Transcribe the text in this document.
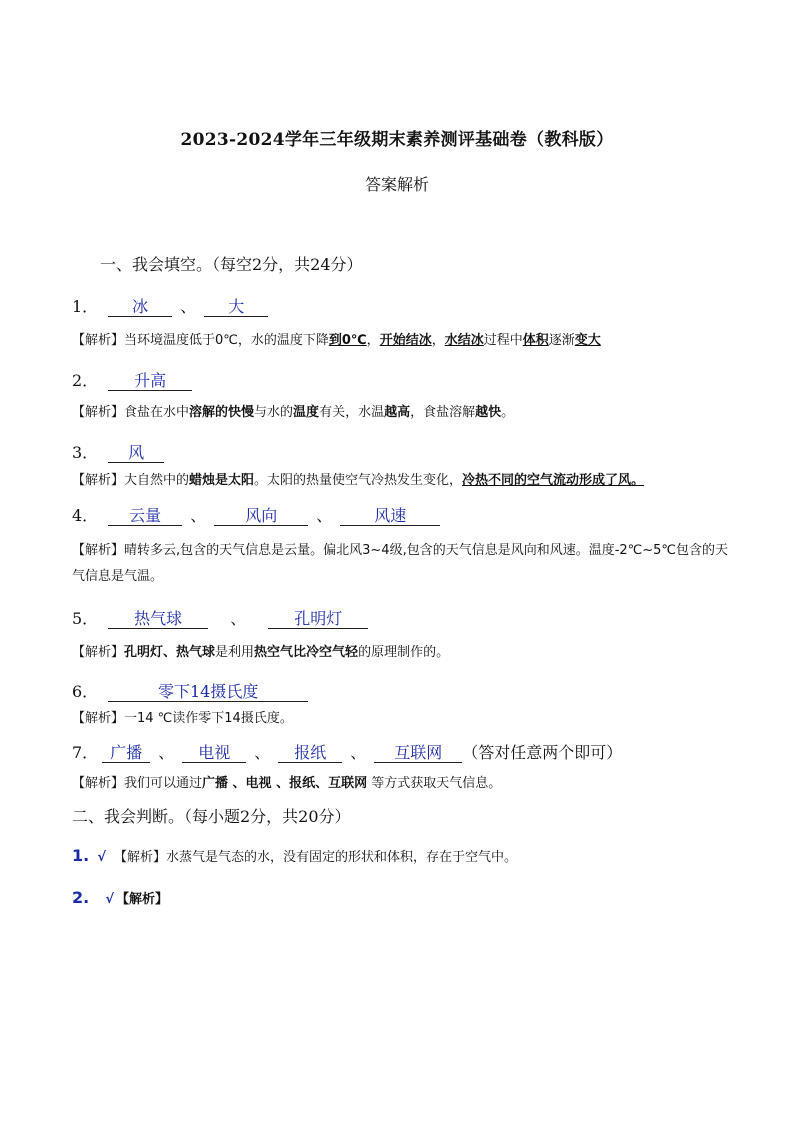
2023-2024学年三年级期末素养测评基础卷（教科版）
答案解析
一、我会填空。（每空2分，共24分）
1． 冰 、 大
【解析】当环境温度低于0℃，水的温度下降到0℃，开始结冰，水结冰过程中体积逐渐变大
2． 升高
【解析】食盐在水中溶解的快慢与水的温度有关，水温越高，食盐溶解越快。
3． 风
【解析】大自然中的蜡烛是太阳。太阳的热量使空气冷热发生变化，冷热不同的空气流动形成了风。
4． 云量 、 风向 、	风速
【解析】晴转多云,包含的天气信息是云量。偏北风3~4级,包含的天气信息是风向和风速。温度-2℃~5℃包含的天气信息是气温。
5． 热气球	、	孔明灯
【解析】孔明灯、热气球是利用热空气比冷空气轻的原理制作的。
6．	零下14摄氏度
【解析】一14 ℃读作零下14摄氏度。
7． 广播 、 电视 、 报纸 、 互联网 （答对任意两个即可）
【解析】我们可以通过广播 、电视 、报纸、互联网 等方式获取天气信息。
二、我会判断。（每小题2分，共20分）
1. √ 【解析】水蒸气是气态的水，没有固定的形状和体积，存在于空气中。
2. √ 【解析】
